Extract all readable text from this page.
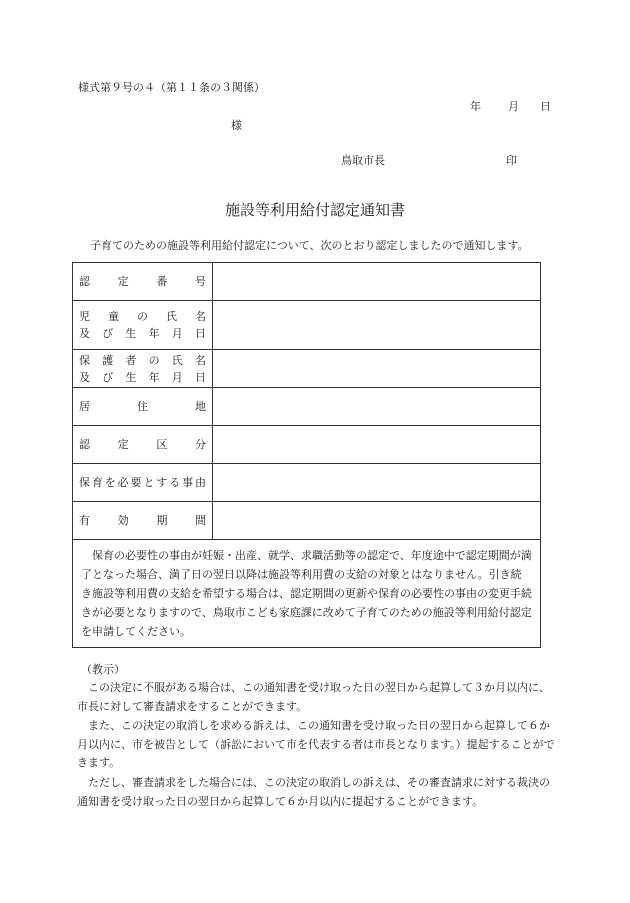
様式第９号の４（第１１条の３関係）
年 月 日
様
鳥取市長	印
施設等利用給付認定通知書
子育てのための施設等利用給付認定について、次のとおり認定しましたので通知します。
認定番号	

児童の氏名
及び生年月日	

保護者の氏名
及び生年月日	

居住地	

認定区分	

保育を必要とする事由	

有効期間	

保育の必要性の事由が妊娠・出産、就学、求職活動等の認定で、年度途中で認定期間が満了となった場合、満了日の翌日以降は施設等利用費の支給の対象とはなりません。引き続き施設等利用費の支給を希望する場合は、認定期間の更新や保育の必要性の事由の変更手続きが必要となりますので、鳥取市こども家庭課に改めて子育てのための施設等利用給付認定を申請してください。	
（教示）

この決定に不服がある場合は、この通知書を受け取った日の翌日から起算して３か月以内に、市長に対して審査請求をすることができます。

また、この決定の取消しを求める訴えは、この通知書を受け取った日の翌日から起算して６か月以内に、市を被告として（訴訟において市を代表する者は市長となります。）提起することができます。

ただし、審査請求をした場合には、この決定の取消しの訴えは、その審査請求に対する裁決の通知書を受け取った日の翌日から起算して６か月以内に提起することができます。
